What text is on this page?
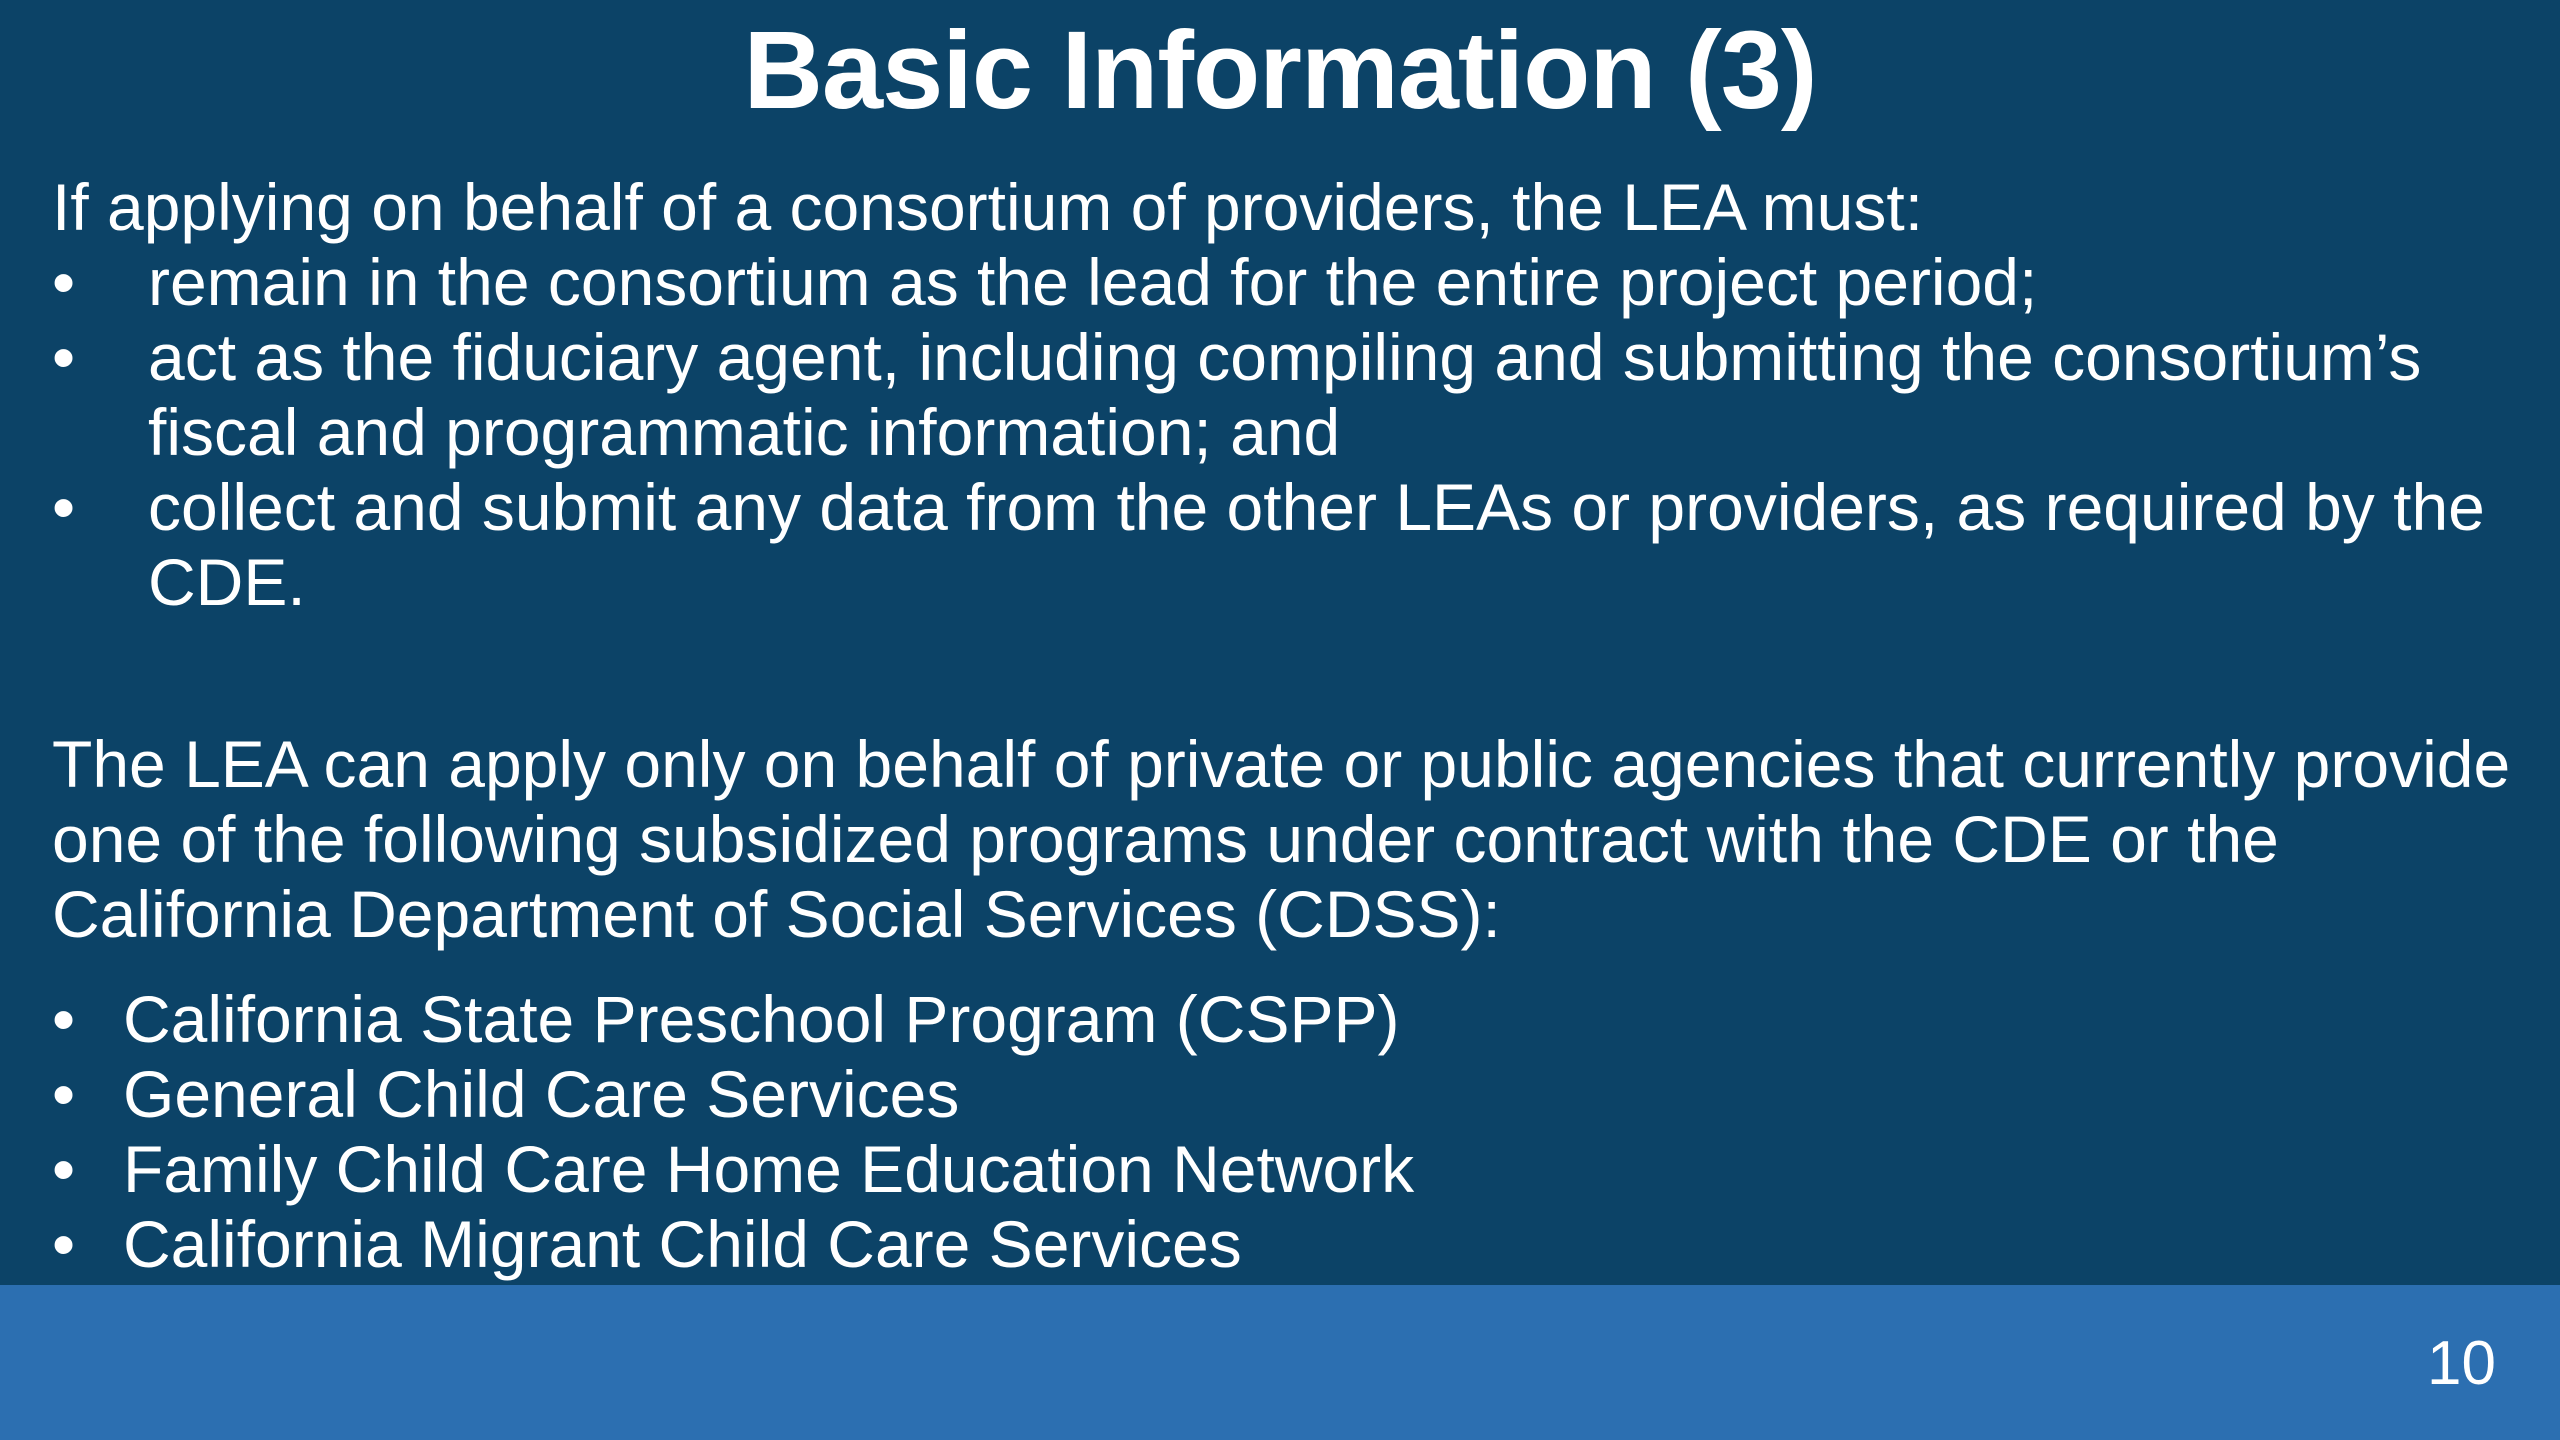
Basic Information (3)

If applying on behalf of a consortium of providers, the LEA must:

• remain in the consortium as the lead for the entire project period;
• act as the fiduciary agent, including compiling and submitting the consortium’s fiscal and programmatic information; and
• collect and submit any data from the other LEAs or providers, as required by the CDE.

The LEA can apply only on behalf of private or public agencies that currently provide one of the following subsidized programs under contract with the CDE or the California Department of Social Services (CDSS):

• California State Preschool Program (CSPP)
• General Child Care Services
• Family Child Care Home Education Network
• California Migrant Child Care Services
10
